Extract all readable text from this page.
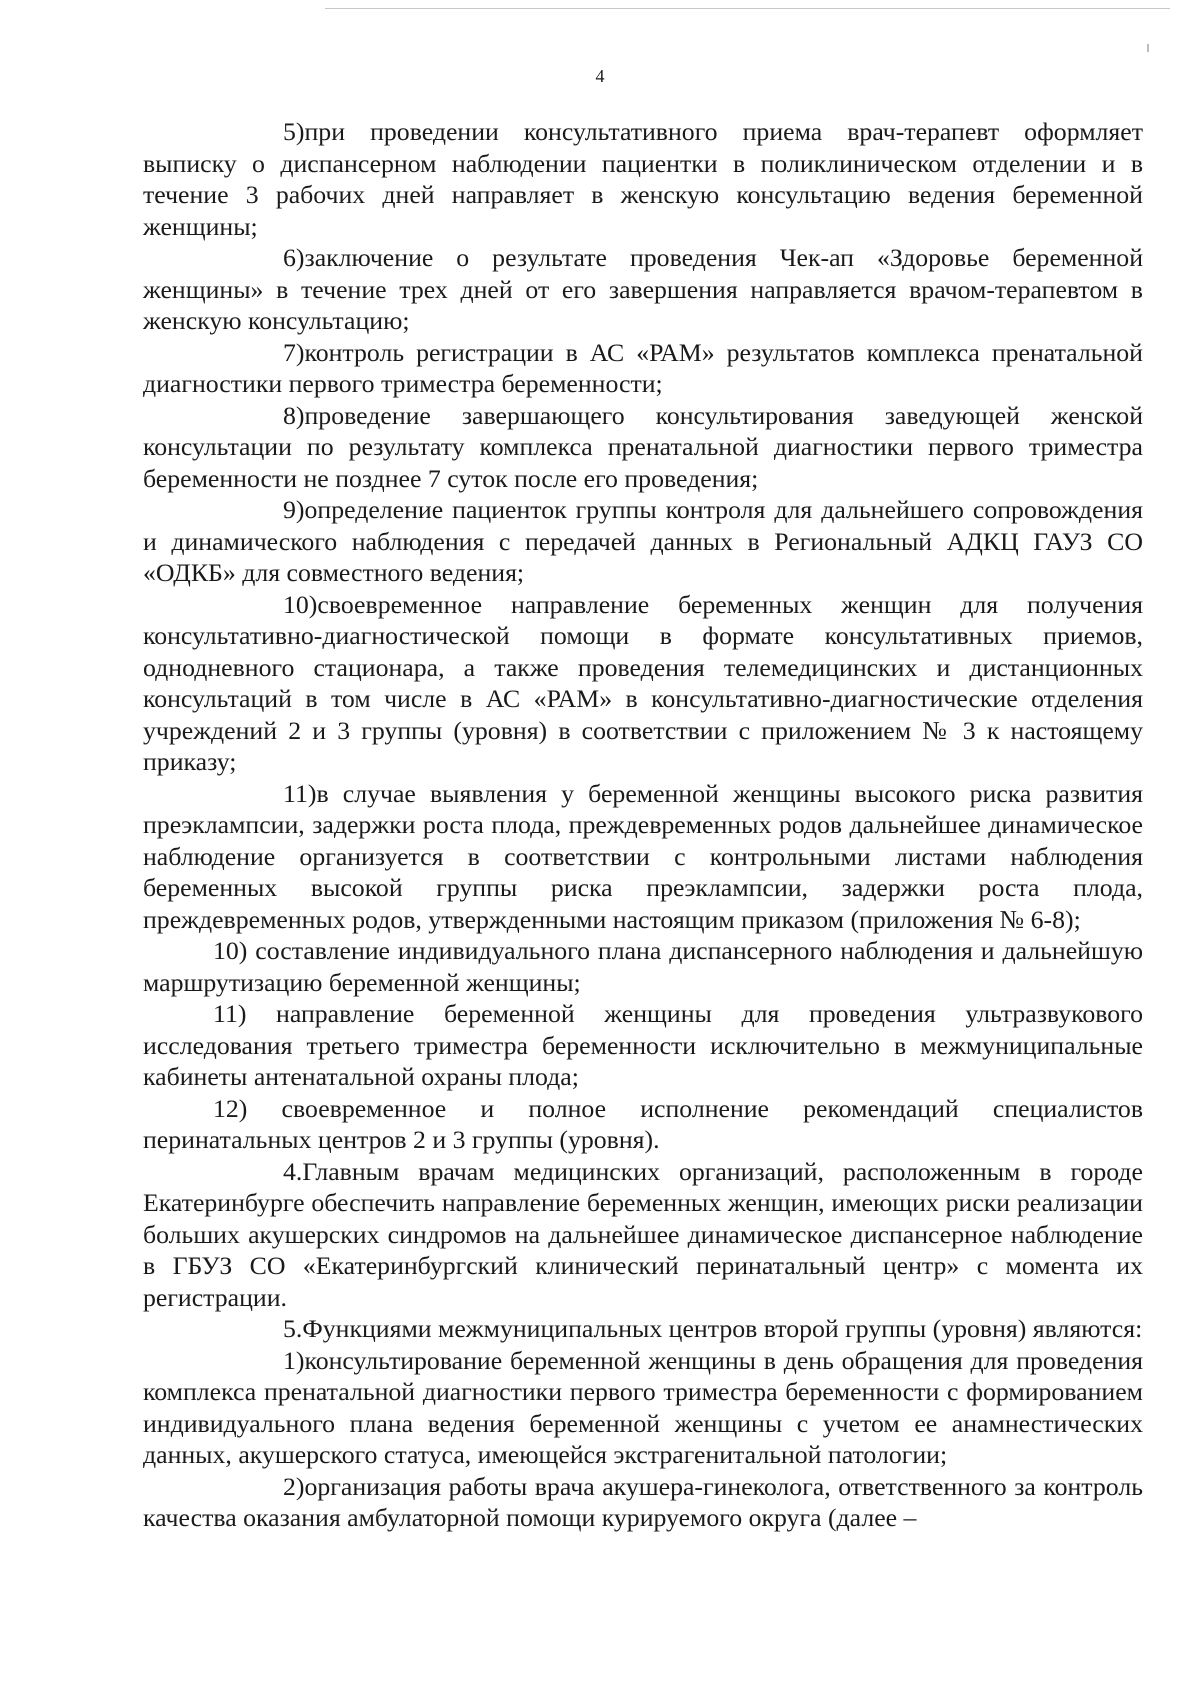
4

5)при проведении консультативного приема врач-терапевт оформляет выписку о диспансерном наблюдении пациентки в поликлиническом отделении и в течение 3 рабочих дней направляет в женскую консультацию ведения беременной женщины;

6)заключение о результате проведения Чек-ап «Здоровье беременной женщины» в течение трех дней от его завершения направляется врачом-терапевтом в женскую консультацию;

7)контроль регистрации в АС «РАМ» результатов комплекса пренатальной диагностики первого триместра беременности;

8)проведение завершающего консультирования заведующей женской консультации по результату комплекса пренатальной диагностики первого триместра беременности не позднее 7 суток после его проведения;

9)определение пациенток группы контроля для дальнейшего сопровождения и динамического наблюдения с передачей данных в Региональный АДКЦ ГАУЗ СО «ОДКБ» для совместного ведения;

10)своевременное направление беременных женщин для получения консультативно-диагностической помощи в формате консультативных приемов, однодневного стационара, а также проведения телемедицинских и дистанционных консультаций в том числе в АС «РАМ» в консультативно-диагностические отделения учреждений 2 и 3 группы (уровня) в соответствии с приложением № 3 к настоящему приказу;

11)в случае выявления у беременной женщины высокого риска развития преэклампсии, задержки роста плода, преждевременных родов дальнейшее динамическое наблюдение организуется в соответствии с контрольными листами наблюдения беременных высокой группы риска преэклампсии, задержки роста плода, преждевременных родов, утвержденными настоящим приказом (приложения № 6-8);

10) составление индивидуального плана диспансерного наблюдения и дальнейшую маршрутизацию беременной женщины;

11) направление беременной женщины для проведения ультразвукового исследования третьего триместра беременности исключительно в межмуниципальные кабинеты антенатальной охраны плода;

12) своевременное и полное исполнение рекомендаций специалистов перинатальных центров 2 и 3 группы (уровня).

4.Главным врачам медицинских организаций, расположенным в городе Екатеринбурге обеспечить направление беременных женщин, имеющих риски реализации больших акушерских синдромов на дальнейшее динамическое диспансерное наблюдение в ГБУЗ СО «Екатеринбургский клинический перинатальный центр» с момента их регистрации.

5.Функциями межмуниципальных центров второй группы (уровня) являются:

1)консультирование беременной женщины в день обращения для проведения комплекса пренатальной диагностики первого триместра беременности с формированием индивидуального плана ведения беременной женщины с учетом ее анамнестических данных, акушерского статуса, имеющейся экстрагенитальной патологии;

2)организация работы врача акушера-гинеколога, ответственного за контроль качества оказания амбулаторной помощи курируемого округа (далее –
